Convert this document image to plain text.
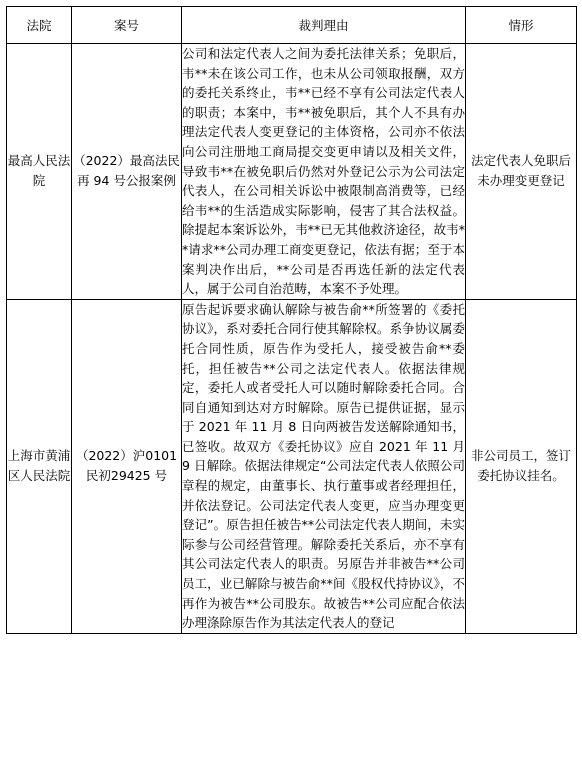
法院	案号	裁判理由	情形
最高人民法院	（2022）最高法民再 94 号公报案例	公司和法定代表人之间为委托法律关系；免职后，韦**未在该公司工作，也未从公司领取报酬，双方的委托关系终止，韦**已经不享有公司法定代表人的职责；本案中，韦**被免职后，其个人不具有办理法定代表人变更登记的主体资格，公司亦不依法向公司注册地工商局提交变更申请以及相关文件，导致韦**在被免职后仍然对外登记公示为公司法定代表人，在公司相关诉讼中被限制高消费等，已经给韦**的生活造成实际影响，侵害了其合法权益。除提起本案诉讼外，韦**已无其他救济途径，故韦**请求**公司办理工商变更登记，依法有据；至于本案判决作出后，**公司是否再选任新的法定代表人，属于公司自治范畴，本案不予处理。	法定代表人免职后未办理变更登记
上海市黄浦区人民法院	（2022）沪0101 民初29425 号	原告起诉要求确认解除与被告俞**所签署的《委托协议》，系对委托合同行使其解除权。系争协议属委托合同性质，原告作为受托人，接受被告俞**委托，担任被告**公司之法定代表人。依据法律规定，委托人或者受托人可以随时解除委托合同。合同自通知到达对方时解除。原告已提供证据，显示于 2021 年 11 月 8 日向两被告发送解除通知书，已签收。故双方《委托协议》应自 2021 年 11 月 9 日解除。依据法律规定“公司法定代表人依照公司章程的规定，由董事长、执行董事或者经理担任，并依法登记。公司法定代表人变更，应当办理变更登记”。原告担任被告**公司法定代表人期间，未实际参与公司经营管理。解除委托关系后，亦不享有其公司法定代表人的职责。另原告并非被告**公司员工，业已解除与被告俞**间《股权代持协议》，不再作为被告**公司股东。故被告**公司应配合依法办理涤除原告作为其法定代表人的登记	非公司员工，签订委托协议挂名。
